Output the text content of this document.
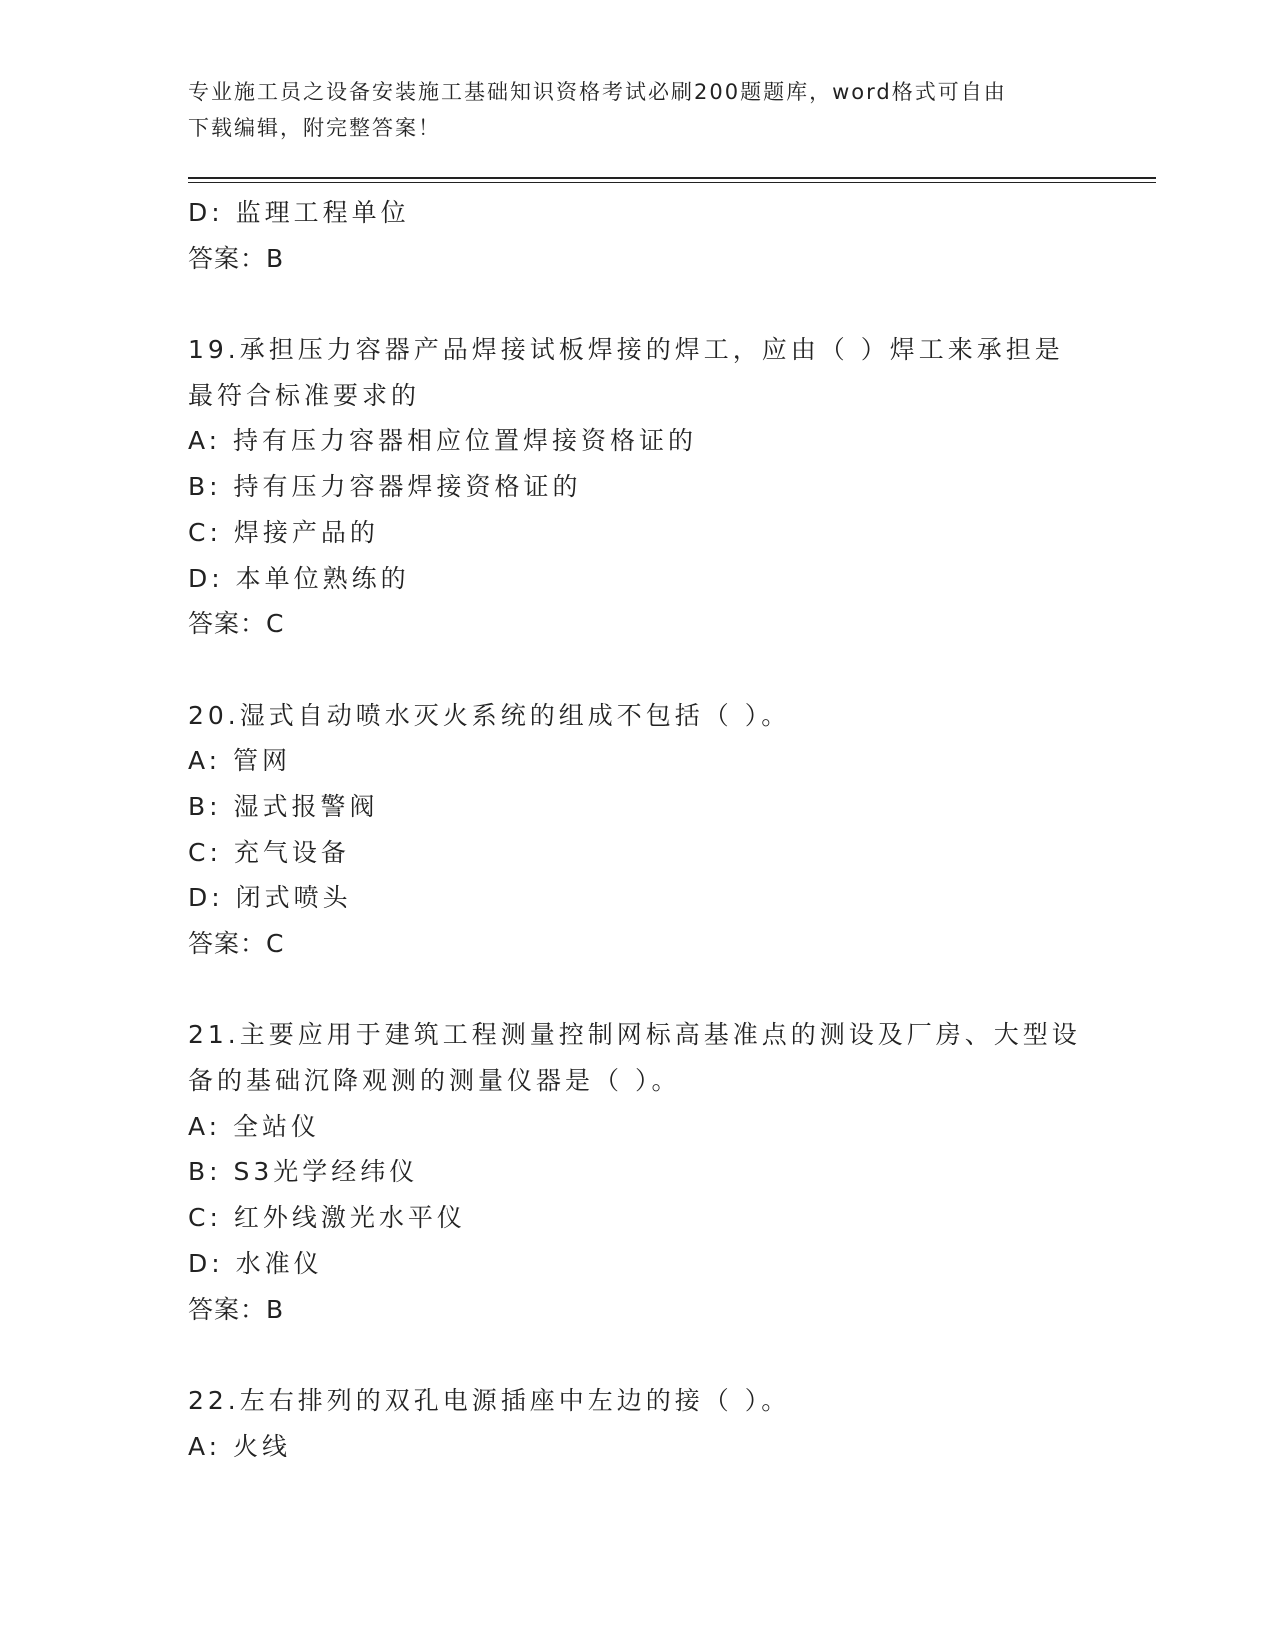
专业施工员之设备安装施工基础知识资格考试必刷200题题库，word格式可自由
下载编辑，附完整答案！
D: 监理工程单位
答案：B
19.承担压力容器产品焊接试板焊接的焊工，应由（ ）焊工来承担是
最符合标准要求的
A: 持有压力容器相应位置焊接资格证的
B: 持有压力容器焊接资格证的
C: 焊接产品的
D: 本单位熟练的
答案：C
20.湿式自动喷水灭火系统的组成不包括（ ）。
A: 管网
B: 湿式报警阀
C: 充气设备
D: 闭式喷头
答案：C
21.主要应用于建筑工程测量控制网标高基准点的测设及厂房、大型设
备的基础沉降观测的测量仪器是（ ）。
A: 全站仪
B: S3光学经纬仪
C: 红外线激光水平仪
D: 水准仪
答案：B
22.左右排列的双孔电源插座中左边的接（ ）。
A: 火线
